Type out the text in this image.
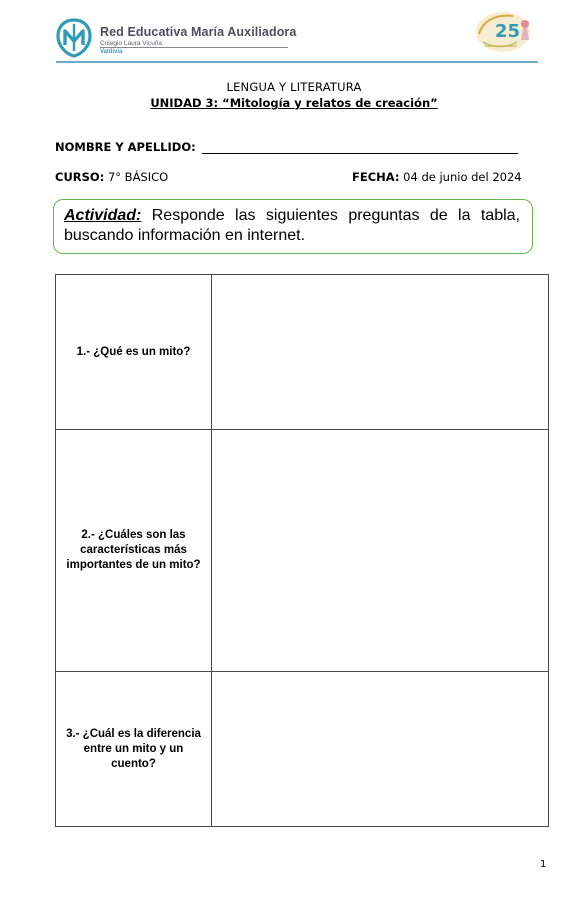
Red Educativa María Auxiliadora
Colegio Laura Vicuña
Valdivia
25
LENGUA Y LITERATURA
UNIDAD 3: “Mitología y relatos de creación”
NOMBRE Y APELLIDO:
CURSO: 7° BÁSICO	FECHA: 04 de junio del 2024
Actividad: Responde las siguientes preguntas de la tabla, buscando información en internet.
1.- ¿Qué es un mito?	
2.- ¿Cuáles son las características más importantes de un mito?	
3.- ¿Cuál es la diferencia entre un mito y un cuento?	
1
